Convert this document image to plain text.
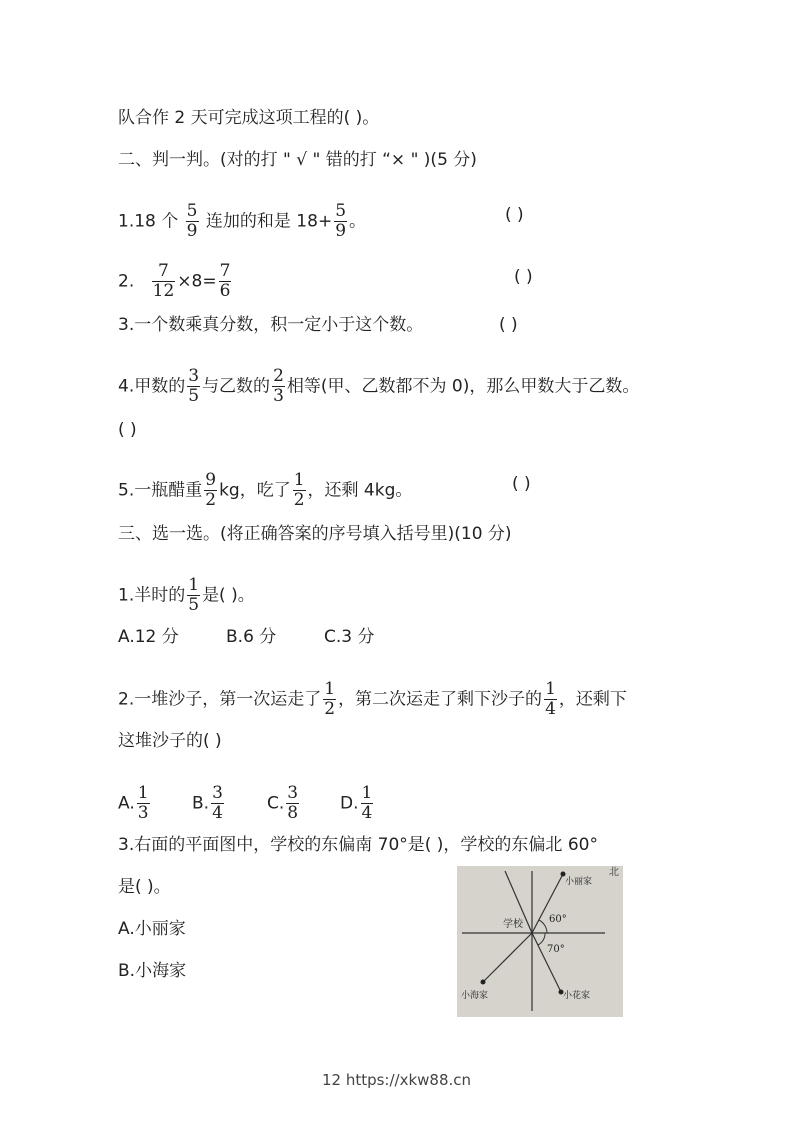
队合作 2 天可完成这项工程的( )。
二、判一判。(对的打 " √ " 错的打 “× " )(5 分)
1.18 个 $\frac{5}{9}$ 连加的和是 $18+ \frac{5}{9}$ 。	( )
2. $\frac{7}{12} \times 8= \frac{7}{6}$	( )
3.一个数乘真分数，积一定小于这个数。	( )
4.甲数的 $\frac{3}{5}$ 与乙数的 $\frac{2}{3}$ 相等(甲、乙数都不为 0)，那么甲数大于乙数。
( )
5.一瓶醋重 $\frac{9}{2}$ kg，吃了 $\frac{1}{2}$ ，还剩 4kg。	( )
三、选一选。(将正确答案的序号填入括号里)(10 分)
1.半时的 $\frac{1}{5}$ 是( )。
A.12 分	B.6 分	C.3 分
2.一堆沙子，第一次运走了 $\frac{1}{2}$ ，第二次运走了剩下沙子的 $\frac{1}{4}$ ，还剩下
这堆沙子的( )
A. $\frac{1}{3} B$. $\frac{3}{4}$	C. $\frac{3}{8} D$. $\frac{1}{4}$
3.右面的平面图中，学校的东偏南 70°是( )，学校的东偏北 60°
是( )。
A.小丽家
B.小海家
北
小丽家
学校	60°
70°
小海家	小花家
12 https://xkw88.cn
